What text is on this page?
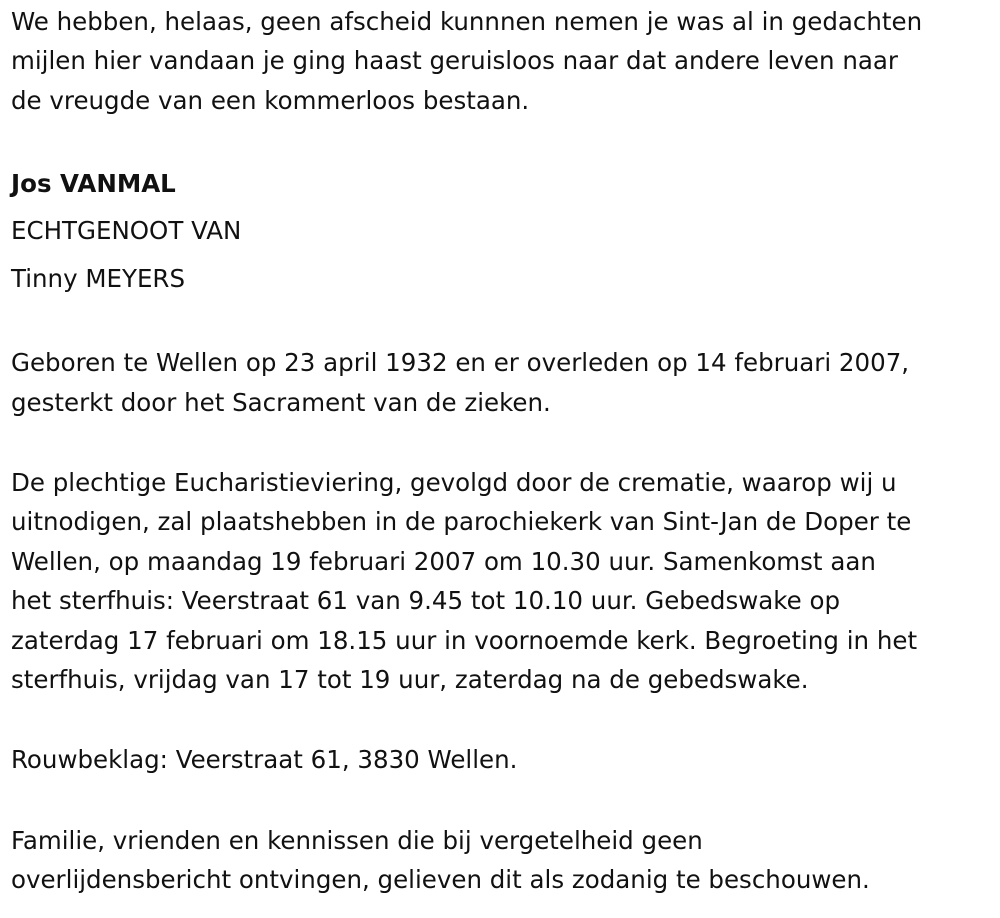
We hebben, helaas, geen afscheid kunnnen nemen je was al in gedachten
mijlen hier vandaan je ging haast geruisloos naar dat andere leven naar
de vreugde van een kommerloos bestaan.

Jos VANMAL

ECHTGENOOT VAN

Tinny MEYERS

Geboren te Wellen op 23 april 1932 en er overleden op 14 februari 2007,
gesterkt door het Sacrament van de zieken.

De plechtige Eucharistieviering, gevolgd door de crematie, waarop wij u
uitnodigen, zal plaatshebben in de parochiekerk van Sint-Jan de Doper te
Wellen, op maandag 19 februari 2007 om 10.30 uur. Samenkomst aan
het sterfhuis: Veerstraat 61 van 9.45 tot 10.10 uur. Gebedswake op
zaterdag 17 februari om 18.15 uur in voornoemde kerk. Begroeting in het
sterfhuis, vrijdag van 17 tot 19 uur, zaterdag na de gebedswake.

Rouwbeklag: Veerstraat 61, 3830 Wellen.

Familie, vrienden en kennissen die bij vergetelheid geen
overlijdensbericht ontvingen, gelieven dit als zodanig te beschouwen.
